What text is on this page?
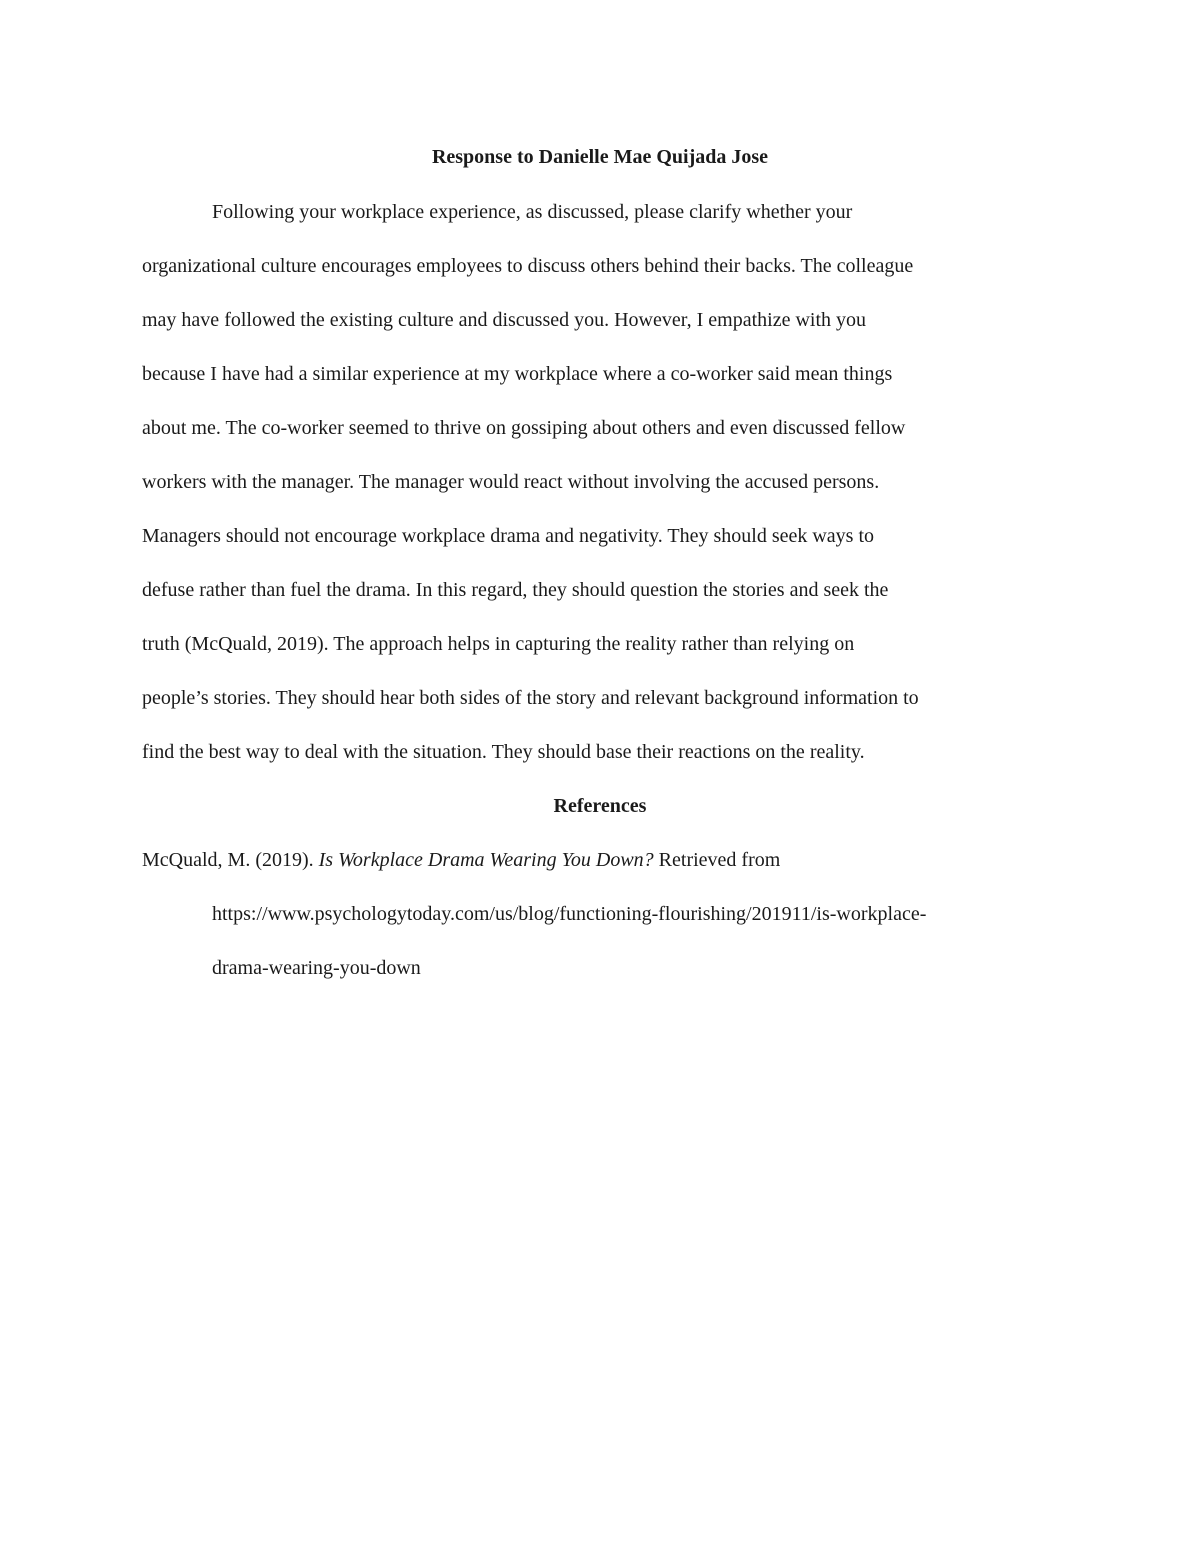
Response to Danielle Mae Quijada Jose

Following your workplace experience, as discussed, please clarify whether your

organizational culture encourages employees to discuss others behind their backs. The colleague

may have followed the existing culture and discussed you. However, I empathize with you

because I have had a similar experience at my workplace where a co-worker said mean things

about me. The co-worker seemed to thrive on gossiping about others and even discussed fellow

workers with the manager. The manager would react without involving the accused persons.

Managers should not encourage workplace drama and negativity. They should seek ways to

defuse rather than fuel the drama. In this regard, they should question the stories and seek the

truth (McQuald, 2019). The approach helps in capturing the reality rather than relying on

people’s stories. They should hear both sides of the story and relevant background information to

find the best way to deal with the situation. They should base their reactions on the reality.

References

McQuald, M. (2019). Is Workplace Drama Wearing You Down? Retrieved from

https://www.psychologytoday.com/us/blog/functioning-flourishing/201911/is-workplace-

drama-wearing-you-down
